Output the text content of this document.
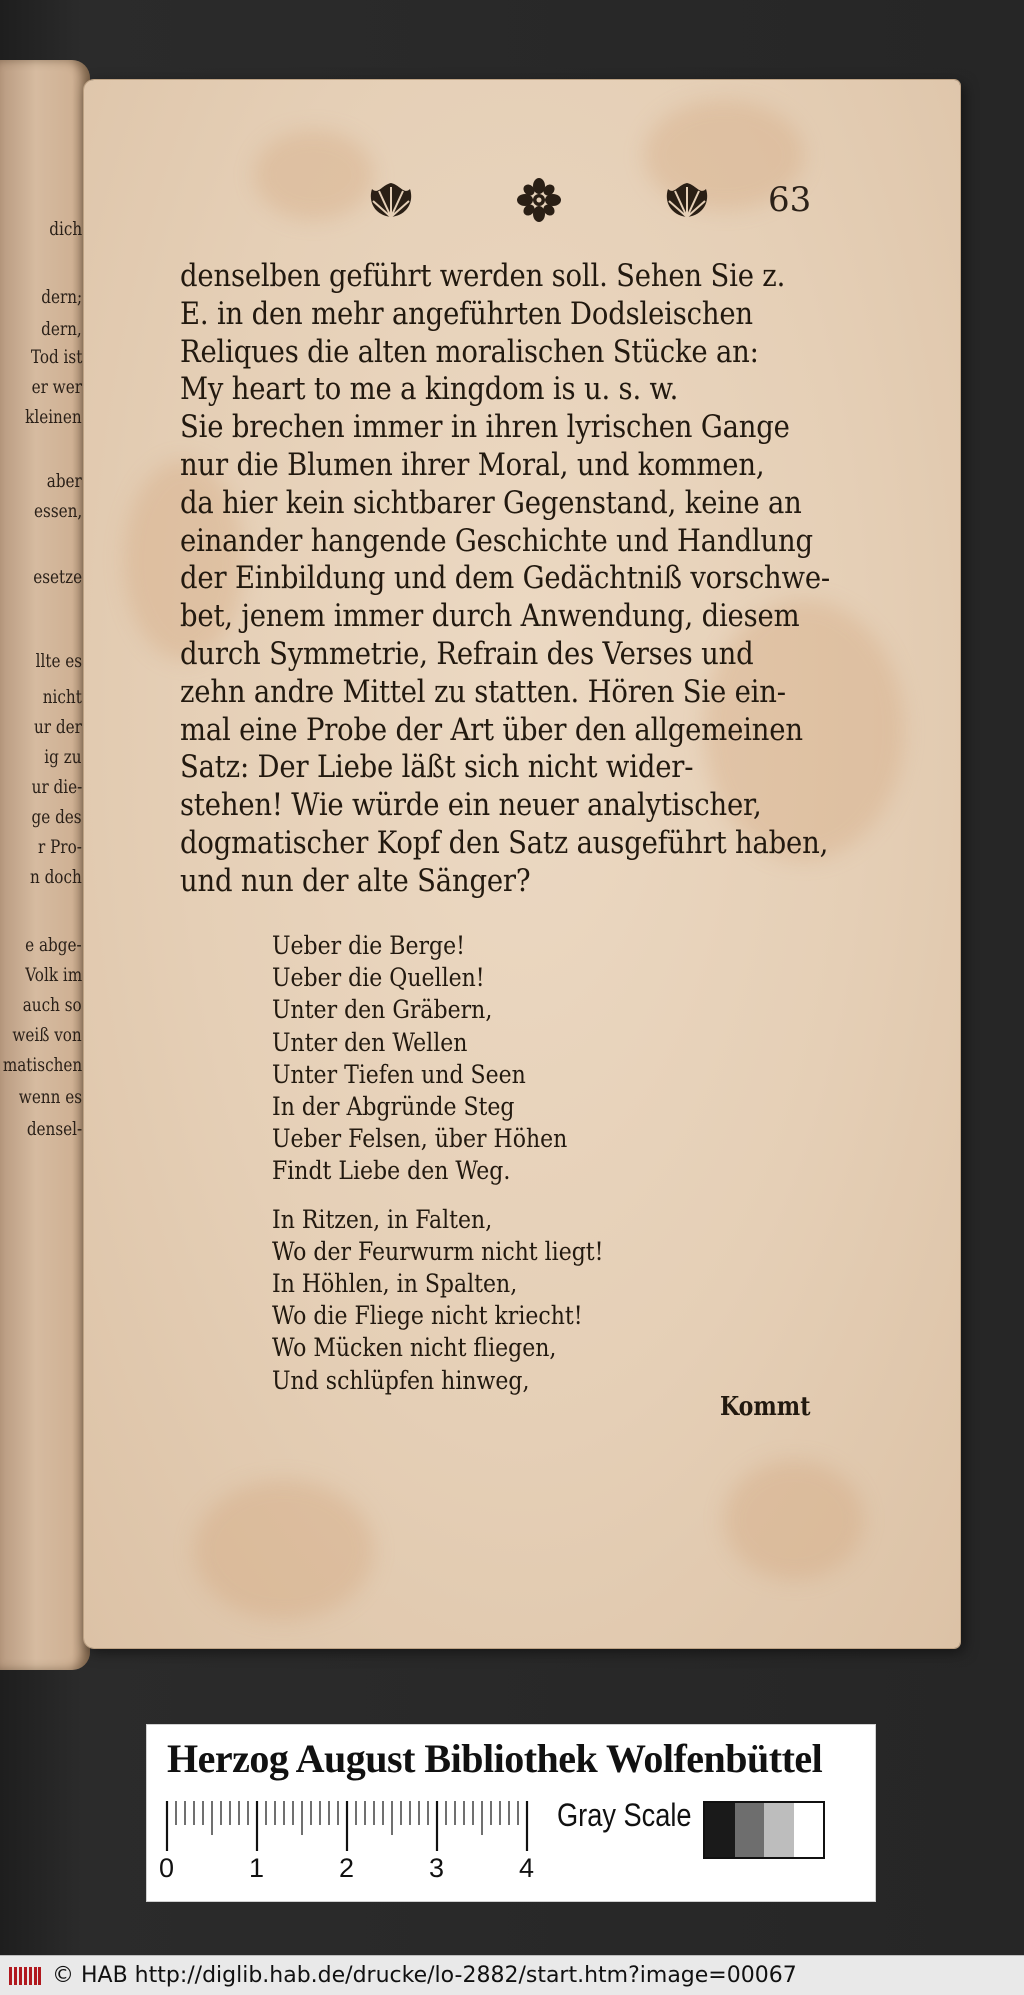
dich
dern;
dern,
Tod ist
er wer
kleinen
aber
essen,
esetze
llte es
nicht
ur der
ig zu
ur die-
ge des
r Pro-
n doch
e abge-
Volk im
auch so
weiß von
matischen
wenn es
densel-
63
denselben geführt werden soll. Sehen Sie z.
E. in den mehr angeführten Dodsleischen
Reliques die alten moralischen Stücke an:
My heart to me a kingdom is u. s. w.
Sie brechen immer in ihren lyrischen Gange
nur die Blumen ihrer Moral, und kommen,
da hier kein sichtbarer Gegenstand, keine an
einander hangende Geschichte und Handlung
der Einbildung und dem Gedächtniß vorschwe-
bet, jenem immer durch Anwendung, diesem
durch Symmetrie, Refrain des Verses und
zehn andre Mittel zu statten. Hören Sie ein-
mal eine Probe der Art über den allgemeinen
Satz: Der Liebe läßt sich nicht wider-
stehen! Wie würde ein neuer analytischer,
dogmatischer Kopf den Satz ausgeführt haben,
und nun der alte Sänger?
Ueber die Berge!
Ueber die Quellen!
Unter den Gräbern,
Unter den Wellen
Unter Tiefen und Seen
In der Abgründe Steg
Ueber Felsen, über Höhen
Findt Liebe den Weg.
In Ritzen, in Falten,
Wo der Feurwurm nicht liegt!
In Höhlen, in Spalten,
Wo die Fliege nicht kriecht!
Wo Mücken nicht fliegen,
Und schlüpfen hinweg,
Kommt
Herzog August Bibliothek Wolfenbüttel
0	1	2	3	4
Gray Scale
© HAB http://diglib.hab.de/drucke/lo-2882/start.htm?image=00067
